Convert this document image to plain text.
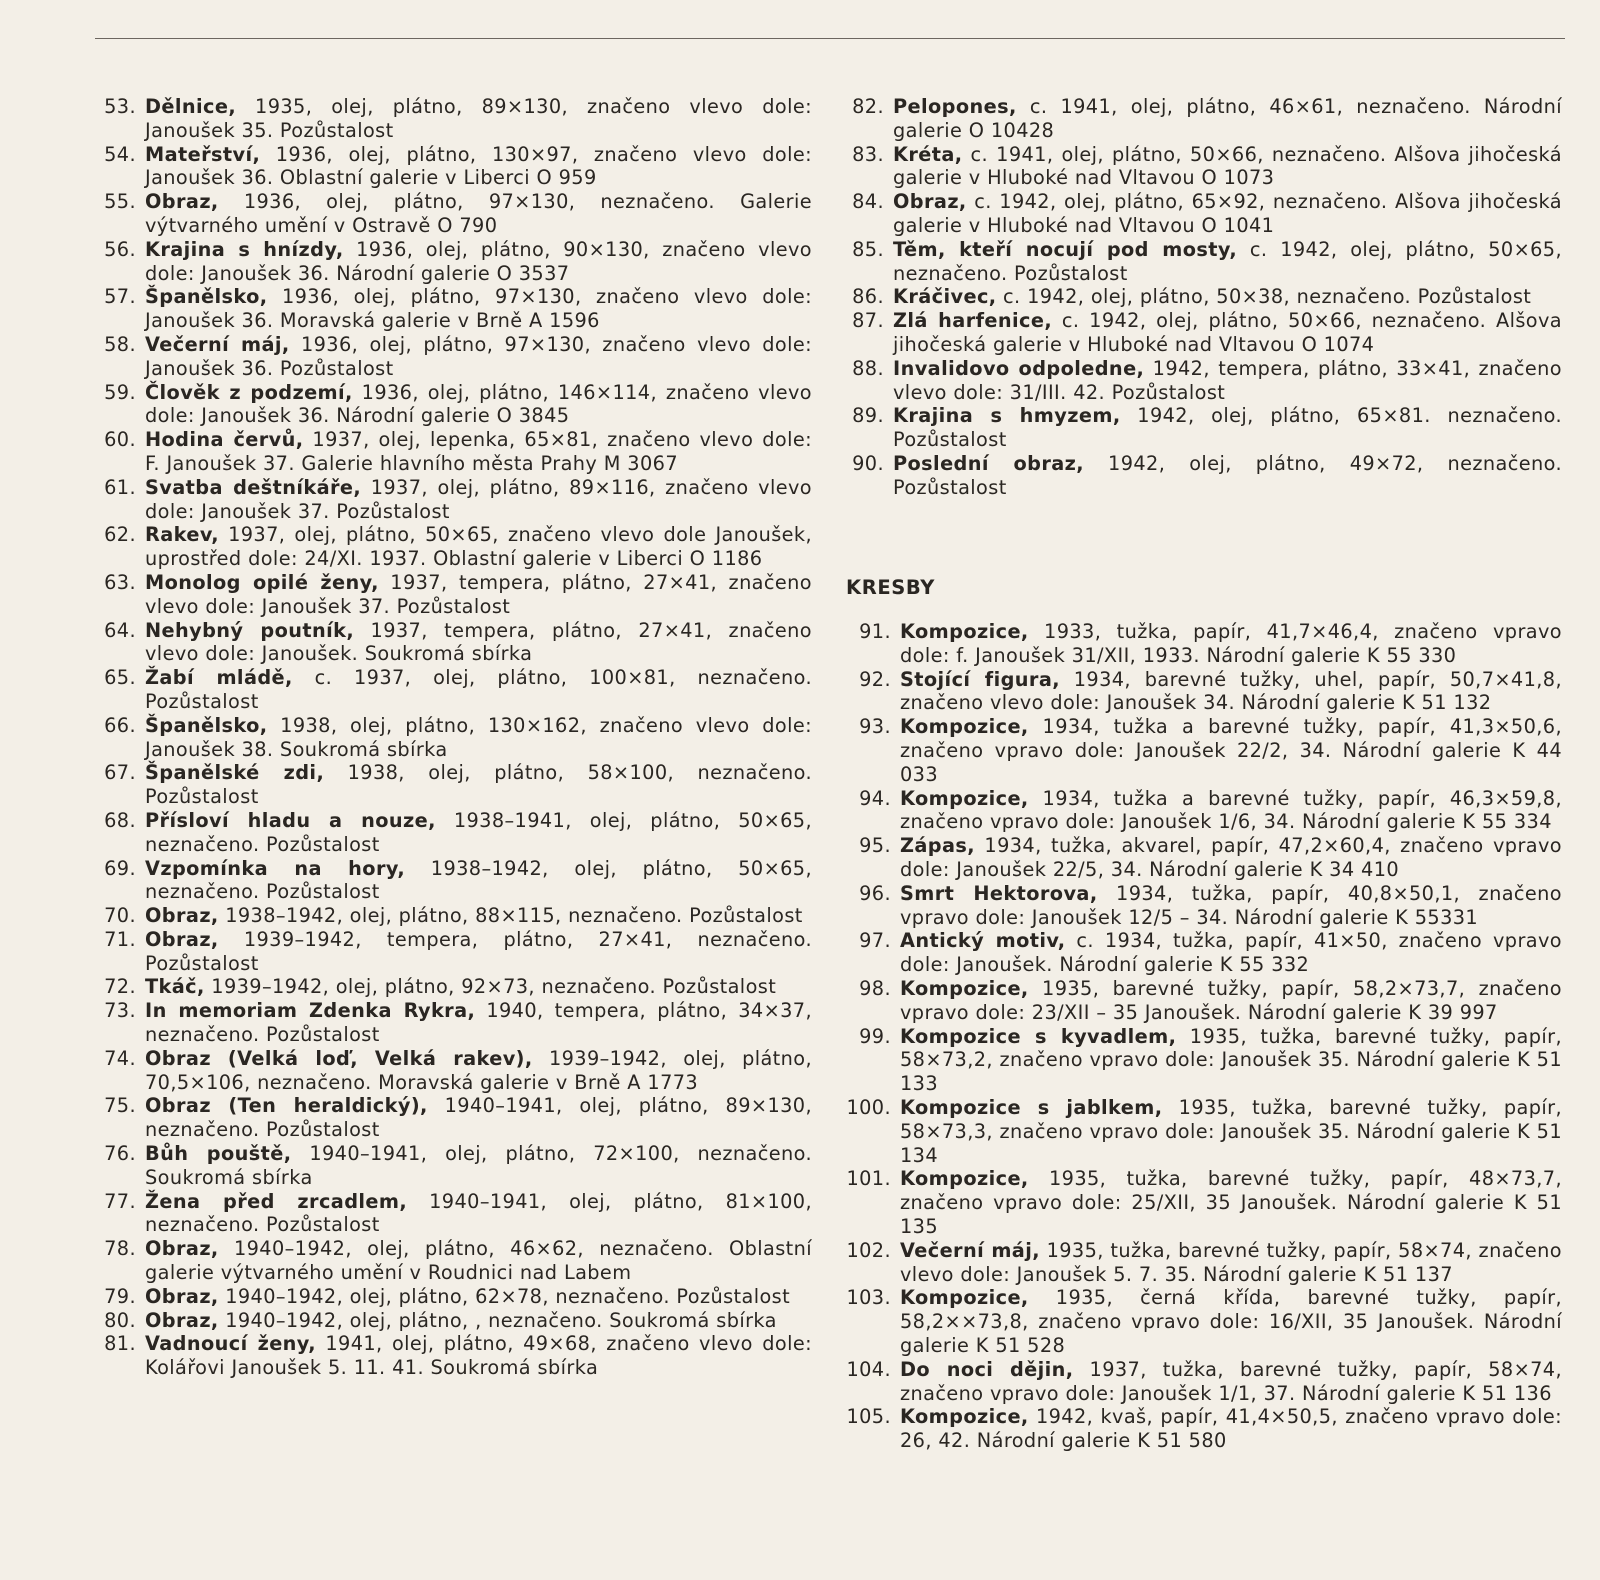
53. Dělnice, 1935, olej, plátno, 89×130, značeno vlevo dole: Janoušek 35. Pozůstalost
54. Mateřství, 1936, olej, plátno, 130×97, značeno vlevo dole: Janoušek 36. Oblastní galerie v Liberci O 959
55. Obraz, 1936, olej, plátno, 97×130, neznačeno. Galerie výtvarného umění v Ostravě O 790
56. Krajina s hnízdy, 1936, olej, plátno, 90×130, značeno vlevo dole: Janoušek 36. Národní galerie O 3537
57. Španělsko, 1936, olej, plátno, 97×130, značeno vlevo dole: Janoušek 36. Moravská galerie v Brně A 1596
58. Večerní máj, 1936, olej, plátno, 97×130, značeno vlevo dole: Janoušek 36. Pozůstalost
59. Člověk z podzemí, 1936, olej, plátno, 146×114, značeno vlevo dole: Janoušek 36. Národní galerie O 3845
60. Hodina červů, 1937, olej, lepenka, 65×81, značeno vlevo dole: F. Janoušek 37. Galerie hlavního města Prahy M 3067
61. Svatba deštníkáře, 1937, olej, plátno, 89×116, značeno vlevo dole: Janoušek 37. Pozůstalost
62. Rakev, 1937, olej, plátno, 50×65, značeno vlevo dole Janoušek, uprostřed dole: 24/XI. 1937. Oblastní galerie v Liberci O 1186
63. Monolog opilé ženy, 1937, tempera, plátno, 27×41, značeno vlevo dole: Janoušek 37. Pozůstalost
64. Nehybný poutník, 1937, tempera, plátno, 27×41, značeno vlevo dole: Janoušek. Soukromá sbírka
65. Žabí mládě, c. 1937, olej, plátno, 100×81, neznačeno. Pozůstalost
66. Španělsko, 1938, olej, plátno, 130×162, značeno vlevo dole: Janoušek 38. Soukromá sbírka
67. Španělské zdi, 1938, olej, plátno, 58×100, neznačeno. Pozůstalost
68. Přísloví hladu a nouze, 1938–1941, olej, plátno, 50×65, neznačeno. Pozůstalost
69. Vzpomínka na hory, 1938–1942, olej, plátno, 50×65, neznačeno. Pozůstalost
70. Obraz, 1938–1942, olej, plátno, 88×115, neznačeno. Pozůstalost
71. Obraz, 1939–1942, tempera, plátno, 27×41, neznačeno. Pozůstalost
72. Tkáč, 1939–1942, olej, plátno, 92×73, neznačeno. Pozůstalost
73. In memoriam Zdenka Rykra, 1940, tempera, plátno, 34×37, neznačeno. Pozůstalost
74. Obraz (Velká loď, Velká rakev), 1939–1942, olej, plátno, 70,5×106, neznačeno. Moravská galerie v Brně A 1773
75. Obraz (Ten heraldický), 1940–1941, olej, plátno, 89×130, neznačeno. Pozůstalost
76. Bůh pouště, 1940–1941, olej, plátno, 72×100, neznačeno. Soukromá sbírka
77. Žena před zrcadlem, 1940–1941, olej, plátno, 81×100, neznačeno. Pozůstalost
78. Obraz, 1940–1942, olej, plátno, 46×62, neznačeno. Oblastní galerie výtvarného umění v Roudnici nad Labem
79. Obraz, 1940–1942, olej, plátno, 62×78, neznačeno. Pozůstalost
80. Obraz, 1940–1942, olej, plátno, , neznačeno. Soukromá sbírka
81. Vadnoucí ženy, 1941, olej, plátno, 49×68, značeno vlevo dole: Kolářovi Janoušek 5. 11. 41. Soukromá sbírka
82. Pelopones, c. 1941, olej, plátno, 46×61, neznačeno. Národní galerie O 10428
83. Kréta, c. 1941, olej, plátno, 50×66, neznačeno. Alšova jihočeská galerie v Hluboké nad Vltavou O 1073
84. Obraz, c. 1942, olej, plátno, 65×92, neznačeno. Alšova jihočeská galerie v Hluboké nad Vltavou O 1041
85. Těm, kteří nocují pod mosty, c. 1942, olej, plátno, 50×65, neznačeno. Pozůstalost
86. Kráčivec, c. 1942, olej, plátno, 50×38, neznačeno. Pozůstalost
87. Zlá harfenice, c. 1942, olej, plátno, 50×66, neznačeno. Alšova jihočeská galerie v Hluboké nad Vltavou O 1074
88. Invalidovo odpoledne, 1942, tempera, plátno, 33×41, značeno vlevo dole: 31/III. 42. Pozůstalost
89. Krajina s hmyzem, 1942, olej, plátno, 65×81. neznačeno. Pozůstalost
90. Poslední obraz, 1942, olej, plátno, 49×72, neznačeno. Pozůstalost
KRESBY
91. Kompozice, 1933, tužka, papír, 41,7×46,4, značeno vpravo dole: f. Janoušek 31/XII, 1933. Národní galerie K 55 330
92. Stojící figura, 1934, barevné tužky, uhel, papír, 50,7×41,8, značeno vlevo dole: Janoušek 34. Národní galerie K 51 132
93. Kompozice, 1934, tužka a barevné tužky, papír, 41,3×50,6, značeno vpravo dole: Janoušek 22/2, 34. Národní galerie K 44 033
94. Kompozice, 1934, tužka a barevné tužky, papír, 46,3×59,8, značeno vpravo dole: Janoušek 1/6, 34. Národní galerie K 55 334
95. Zápas, 1934, tužka, akvarel, papír, 47,2×60,4, značeno vpravo dole: Janoušek 22/5, 34. Národní galerie K 34 410
96. Smrt Hektorova, 1934, tužka, papír, 40,8×50,1, značeno vpravo dole: Janoušek 12/5 – 34. Národní galerie K 55331
97. Antický motiv, c. 1934, tužka, papír, 41×50, značeno vpravo dole: Janoušek. Národní galerie K 55 332
98. Kompozice, 1935, barevné tužky, papír, 58,2×73,7, značeno vpravo dole: 23/XII – 35 Janoušek. Národní galerie K 39 997
99. Kompozice s kyvadlem, 1935, tužka, barevné tužky, papír, 58×73,2, značeno vpravo dole: Janoušek 35. Národní galerie K 51 133
100. Kompozice s jablkem, 1935, tužka, barevné tužky, papír, 58×73,3, značeno vpravo dole: Janoušek 35. Národní galerie K 51 134
101. Kompozice, 1935, tužka, barevné tužky, papír, 48×73,7, značeno vpravo dole: 25/XII, 35 Janoušek. Národní galerie K 51 135
102. Večerní máj, 1935, tužka, barevné tužky, papír, 58×74, značeno vlevo dole: Janoušek 5. 7. 35. Národní galerie K 51 137
103. Kompozice, 1935, černá křída, barevné tužky, papír, 58,2××73,8, značeno vpravo dole: 16/XII, 35 Janoušek. Národní galerie K 51 528
104. Do noci dějin, 1937, tužka, barevné tužky, papír, 58×74, značeno vpravo dole: Janoušek 1/1, 37. Národní galerie K 51 136
105. Kompozice, 1942, kvaš, papír, 41,4×50,5, značeno vpravo dole: 26, 42. Národní galerie K 51 580
